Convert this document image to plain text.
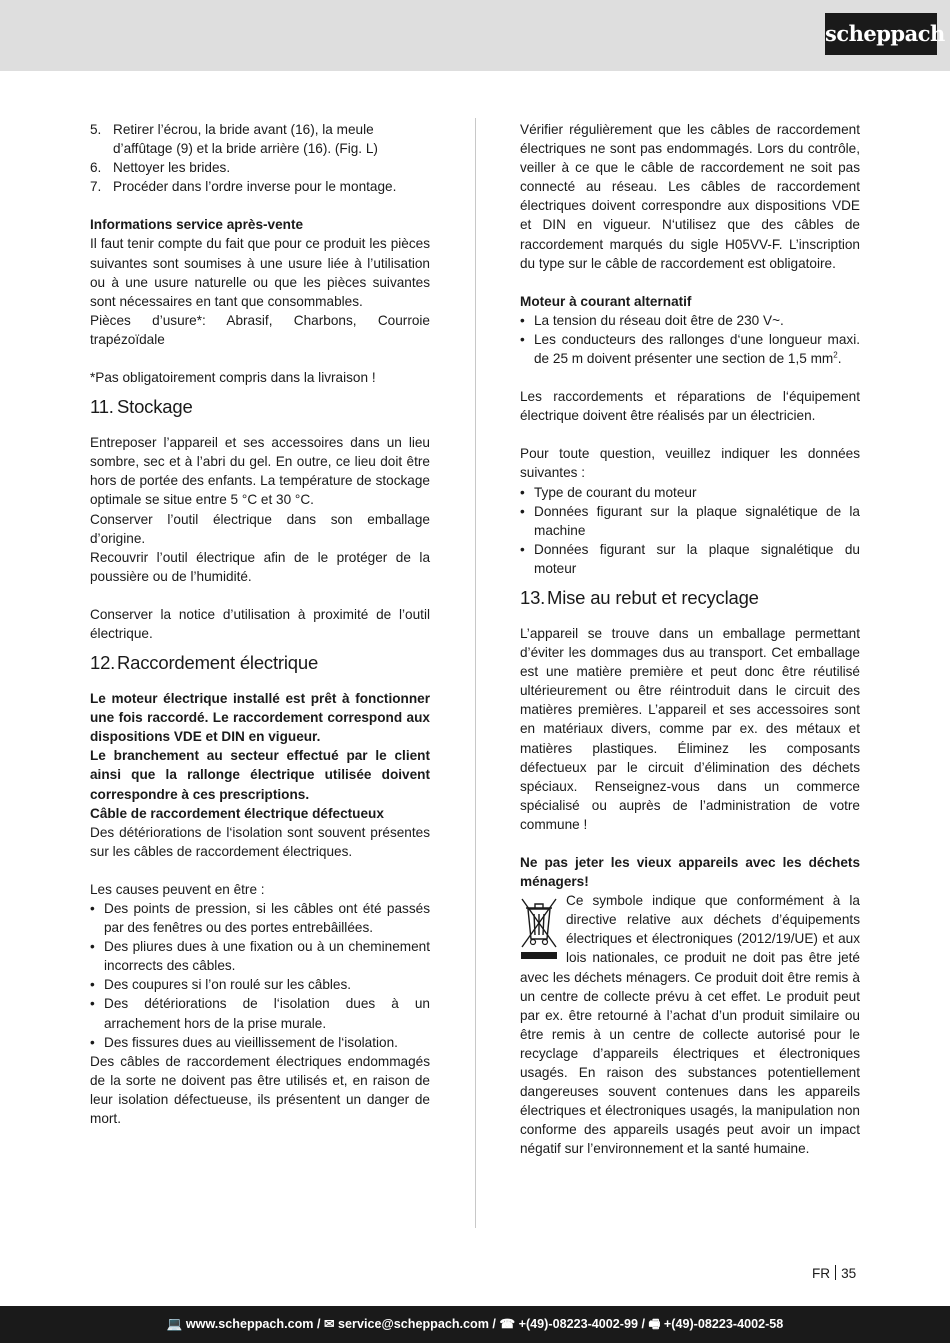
scheppach
5. Retirer l’écrou, la bride avant (16), la meule d’affûtage (9) et la bride arrière (16). (Fig. L)
6. Nettoyer les brides.
7. Procéder dans l’ordre inverse pour le montage.

Informations service après-vente

Il faut tenir compte du fait que pour ce produit les pièces suivantes sont soumises à une usure liée à l’utilisation ou à une usure naturelle ou que les pièces suivantes sont nécessaires en tant que consommables.

Pièces d’usure*: Abrasif, Charbons, Courroie trapézoïdale

*Pas obligatoirement compris dans la livraison !

11. Stockage

Entreposer l’appareil et ses accessoires dans un lieu sombre, sec et à l’abri du gel. En outre, ce lieu doit être hors de portée des enfants. La température de stockage optimale se situe entre 5 °C et 30 °C.

Conserver l’outil électrique dans son emballage d’origine.

Recouvrir l’outil électrique afin de le protéger de la poussière ou de l’humidité.

Conserver la notice d’utilisation à proximité de l’outil électrique.

12. Raccordement électrique

Le moteur électrique installé est prêt à fonctionner une fois raccordé. Le raccordement correspond aux dispositions VDE et DIN en vigueur.

Le branchement au secteur effectué par le client ainsi que la rallonge électrique utilisée doivent correspondre à ces prescriptions.

Câble de raccordement électrique défectueux

Des détériorations de l‘isolation sont souvent présentes sur les câbles de raccordement électriques.

Les causes peuvent en être :

• Des points de pression, si les câbles ont été passés par des fenêtres ou des portes entrebâillées.
• Des pliures dues à une fixation ou à un cheminement incorrects des câbles.
• Des coupures si l’on roulé sur les câbles.
• Des détériorations de l‘isolation dues à un arrachement hors de la prise murale.
• Des fissures dues au vieillissement de l‘isolation.

Des câbles de raccordement électriques endommagés de la sorte ne doivent pas être utilisés et, en raison de leur isolation défectueuse, ils présentent un danger de mort.

Vérifier régulièrement que les câbles de raccordement électriques ne sont pas endommagés. Lors du contrôle, veiller à ce que le câble de raccordement ne soit pas connecté au réseau. Les câbles de raccordement électriques doivent correspondre aux dispositions VDE et DIN en vigueur. N‘utilisez que des câbles de raccordement marqués du sigle H05VV-F. L’inscription du type sur le câble de raccordement est obligatoire.

Moteur à courant alternatif

• La tension du réseau doit être de 230 V~.
• Les conducteurs des rallonges d‘une longueur maxi. de 25 m doivent présenter une section de 1,5 $mm^2$.

Les raccordements et réparations de l‘équipement électrique doivent être réalisés par un électricien.

Pour toute question, veuillez indiquer les données suivantes :

• Type de courant du moteur
• Données figurant sur la plaque signalétique de la machine
• Données figurant sur la plaque signalétique du moteur
13. Mise au rebut et recyclage

L’appareil se trouve dans un emballage permettant d’éviter les dommages dus au transport. Cet emballage est une matière première et peut donc être réutilisé ultérieurement ou être réintroduit dans le circuit des matières premières. L’appareil et ses accessoires sont en matériaux divers, comme par ex. des métaux et matières plastiques. Éliminez les composants défectueux par le circuit d’élimination des déchets spéciaux. Renseignez-vous dans un commerce spécialisé ou auprès de l’administration de votre commune !

Ne pas jeter les vieux appareils avec les déchets ménagers!

Ce symbole indique que conformément à la directive relative aux déchets d’équipements électriques et électroniques (2012/19/UE) et aux lois nationales, ce produit ne doit pas être jeté avec les déchets ménagers. Ce produit doit être remis à un centre de collecte prévu à cet effet. Le produit peut par ex. être retourné à l’achat d’un produit similaire ou être remis à un centre de collecte autorisé pour le recyclage d’appareils électriques et électroniques usagés. En raison des substances potentiellement dangereuses souvent contenues dans les appareils électriques et électroniques usagés, la manipulation non conforme des appareils usagés peut avoir un impact négatif sur l’environnement et la santé humaine.

FR 35
💻 www.scheppach.com / ✉ service@scheppach.com / ☎ +(49)-08223-4002-99 / 🖷 +(49)-08223-4002-58
